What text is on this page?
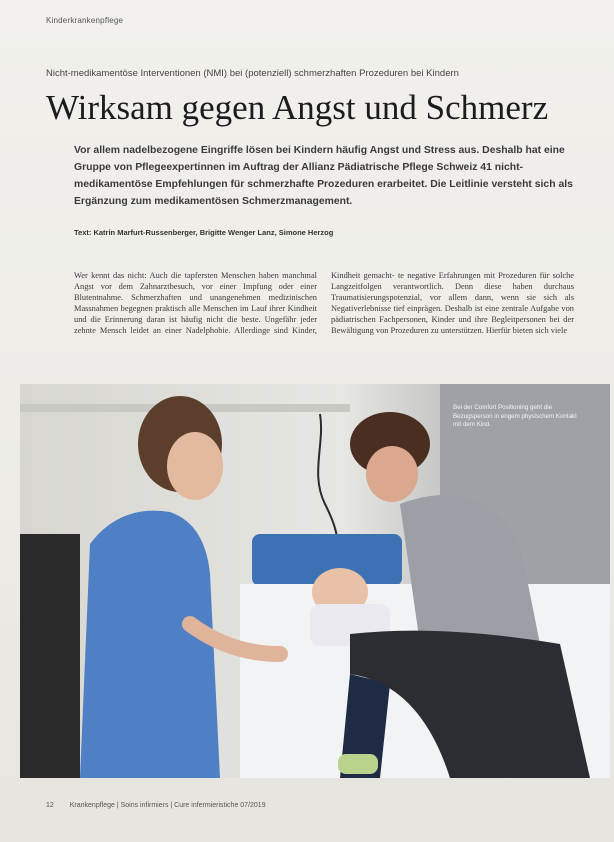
Kinderkrankenpflege
Nicht-medikamentöse Interventionen (NMI) bei (potenziell) schmerzhaften Prozeduren bei Kindern
Wirksam gegen Angst und Schmerz

Vor allem nadelbezogene Eingriffe lösen bei Kindern häufig Angst und Stress aus. Deshalb hat eine Gruppe von Pflegeexpertinnen im Auftrag der Allianz Pädiatrische Pflege Schweiz 41 nicht-medikamentöse Empfehlungen für schmerzhafte Prozeduren erarbeitet. Die Leitlinie versteht sich als Ergänzung zum medikamentösen Schmerzmanagement.

Text: Katrin Marfurt-Russenberger, Brigitte Wenger Lanz, Simone Herzog
Wer kennt das nicht: Auch die tapfersten Menschen haben manchmal Angst vor dem Zahnarztbesuch, vor einer Impfung oder einer Blutentnahme. Schmerzhaften und unangenehmen medizinischen Massnahmen begegnen praktisch alle Menschen im Lauf ihrer Kindheit und die Erinnerung daran ist häufig nicht die beste. Ungefähr jeder zehnte Mensch leidet an einer Nadelphobie. Allerdinge sind Kinder, Kindheit gemacht- te negative Erfahrungen mit Prozeduren für solche Langzeitfolgen verantwortlich. Denn diese haben durchaus Traumatisierungspotenzial, vor allem dann, wenn sie sich als Negativerlebnisse tief einprägen. Deshalb ist eine zentrale Aufgabe von pädiatrischen Fachpersonen, Kinder und ihre Begleitpersonen bei der Bewältigung von Prozeduren zu unterstützen. Hierfür bieten sich viele
Bei der Comfort Positioning geht die Bezugsperson in engem physischem Kontakt mit dem Kind.
12 Krankenpflege | Soins infirmiers | Cure infermieristiche 07/2019
